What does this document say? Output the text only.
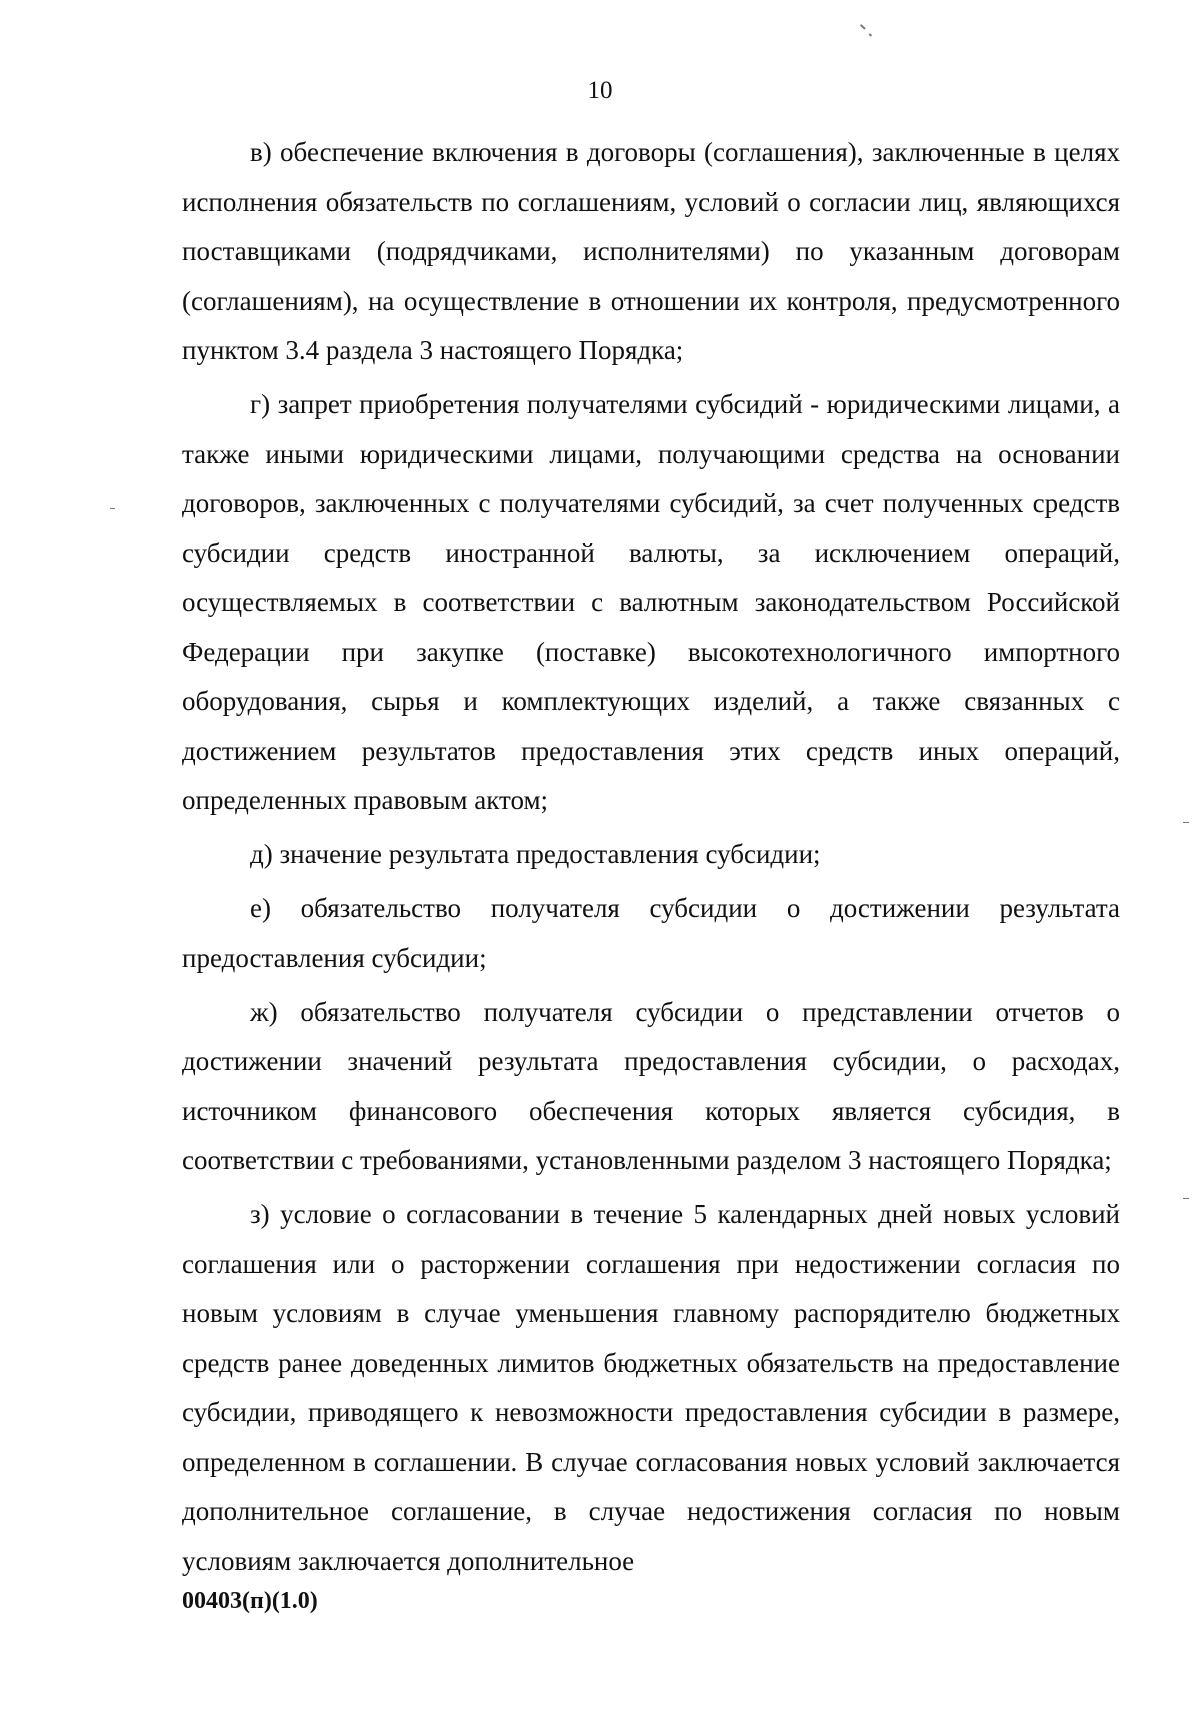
10

в) обеспечение включения в договоры (соглашения), заключенные в целях исполнения обязательств по соглашениям, условий о согласии лиц, являющихся поставщиками (подрядчиками, исполнителями) по указанным договорам (соглашениям), на осуществление в отношении их контроля, предусмотренного пунктом 3.4 раздела 3 настоящего Порядка;

г) запрет приобретения получателями субсидий - юридическими лицами, а также иными юридическими лицами, получающими средства на основании договоров, заключенных с получателями субсидий, за счет полученных средств субсидии средств иностранной валюты, за исключением операций, осуществляемых в соответствии с валютным законодательством Российской Федерации при закупке (поставке) высокотехнологичного импортного оборудования, сырья и комплектующих изделий, а также связанных с достижением результатов предоставления этих средств иных операций, определенных правовым актом;

д) значение результата предоставления субсидии;

е) обязательство получателя субсидии о достижении результата предоставления субсидии;

ж) обязательство получателя субсидии о представлении отчетов о достижении значений результата предоставления субсидии, о расходах, источником финансового обеспечения которых является субсидия, в соответствии с требованиями, установленными разделом 3 настоящего Порядка;

з) условие о согласовании в течение 5 календарных дней новых условий соглашения или о расторжении соглашения при недостижении согласия по новым условиям в случае уменьшения главному распорядителю бюджетных средств ранее доведенных лимитов бюджетных обязательств на предоставление субсидии, приводящего к невозможности предоставления субсидии в размере, определенном в соглашении. В случае согласования новых условий заключается дополнительное соглашение, в случае недостижения согласия по новым условиям заключается дополнительное

00403(п)(1.0)
